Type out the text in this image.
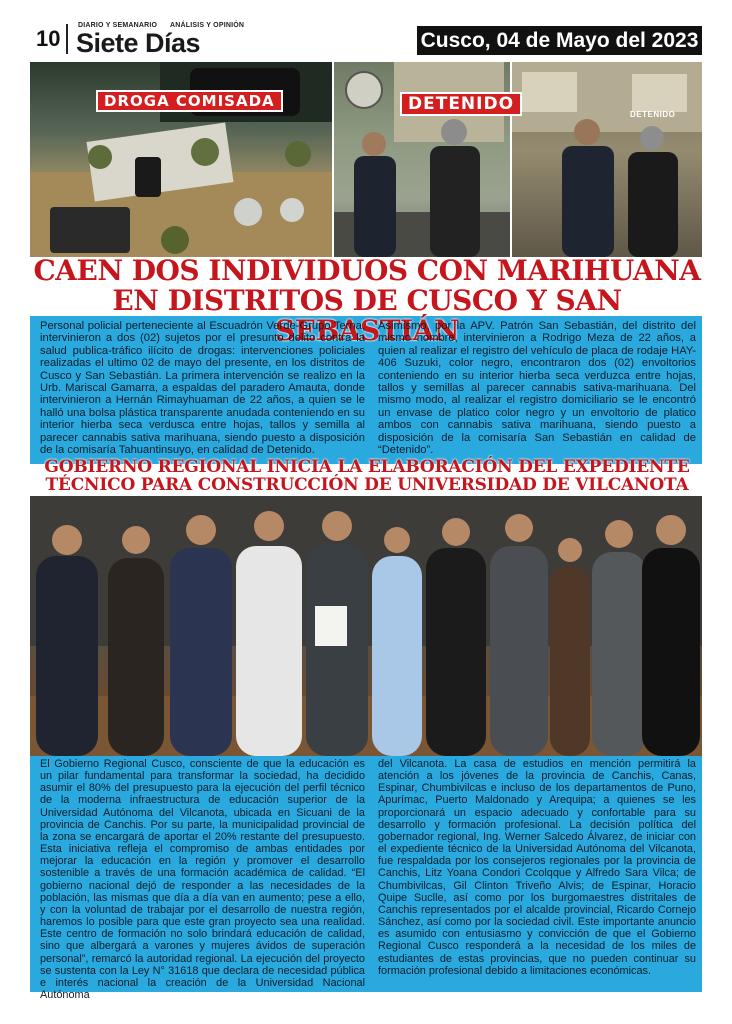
10
DIARIO Y SEMANARIO ANÁLISIS Y OPINIÓN
Siete Días	Cusco, 04 de Mayo del 2023
DROGA COMISADA	DETENIDO
DETENIDO
CAEN DOS INDIVIDUOS CON MARIHUANA
EN DISTRITOS DE CUSCO Y SAN SEBASTIÁN
Personal policial perteneciente al Escuadrón Verde-Grupo Terna, intervinieron a dos (02) sujetos por el presunto delito contra la salud publica-tráfico ilícito de drogas: intervenciones policiales realizadas el ultimo 02 de mayo del presente, en los distritos de Cusco y San Sebastián. La primera intervención se realizo en la Urb. Mariscal Gamarra, a espaldas del paradero Amauta, donde intervinieron a Hernán Rimayhuaman de 22 años, a quien se le halló una bolsa plástica transparente anudada conteniendo en su interior hierba seca verdusca entre hojas, tallos y semilla al parecer cannabis sativa marihuana, siendo puesto a disposición de la comisaría Tahuantinsuyo, en calidad de Detenido.
Asimismo, por la APV. Patrón San Sebastián, del distrito del mismo nombre, intervinieron a Rodrigo Meza de 22 años, a quien al realizar el registro del vehículo de placa de rodaje HAY-406 Suzuki, color negro, encontraron dos (02) envoltorios conteniendo en su interior hierba seca verduzca entre hojas, tallos y semillas al parecer cannabis sativa-marihuana. Del mismo modo, al realizar el registro domiciliario se le encontró un envase de platico color negro y un envoltorio de platico ambos con cannabis sativa marihuana, siendo puesto a disposición de la comisaría San Sebastián en calidad de “Detenido”.
GOBIERNO REGIONAL INICIA LA ELABORACIÓN DEL EXPEDIENTE
TÉCNICO PARA CONSTRUCCIÓN DE UNIVERSIDAD DE VILCANOTA
El Gobierno Regional Cusco, consciente de que la educación es un pilar fundamental para transformar la sociedad, ha decidido asumir el 80% del presupuesto para la ejecución del perfil técnico de la moderna infraestructura de educación superior de la Universidad Autónoma del Vilcanota, ubicada en Sicuani de la provincia de Canchis. Por su parte, la municipalidad provincial de la zona se encargará de aportar el 20% restante del presupuesto. Esta iniciativa refleja el compromiso de ambas entidades por mejorar la educación en la región y promover el desarrollo sostenible a través de una formación académica de calidad. “El gobierno nacional dejó de responder a las necesidades de la población, las mismas que día a día van en aumento; pese a ello, y con la voluntad de trabajar por el desarrollo de nuestra región, haremos lo posible para que este gran proyecto sea una realidad. Este centro de formación no solo brindará educación de calidad, sino que albergará a varones y mujeres ávidos de superación personal”, remarcó la autoridad regional. La ejecución del proyecto se sustenta con la Ley N° 31618 que declara de necesidad pública e interés nacional la creación de la Universidad Nacional Autónoma
del Vilcanota. La casa de estudios en mención permitirá la atención a los jóvenes de la provincia de Canchis, Canas, Espinar, Chumbivilcas e incluso de los departamentos de Puno, Apurímac, Puerto Maldonado y Arequipa; a quienes se les proporcionará un espacio adecuado y confortable para su desarrollo y formación profesional. La decisión política del gobernador regional, Ing. Werner Salcedo Álvarez, de iniciar con el expediente técnico de la Universidad Autónoma del Vilcanota, fue respaldada por los consejeros regionales por la provincia de Canchis, Litz Yoana Condori Ccolqque y Alfredo Sara Vilca; de Chumbivilcas, Gil Clinton Triveño Alvis; de Espinar, Horacio Quipe Suclle, así como por los burgomaestres distritales de Canchis representados por el alcalde provincial, Ricardo Cornejo Sánchez, así como por la sociedad civil. Este importante anuncio es asumido con entusiasmo y convicción de que el Gobierno Regional Cusco responderá a la necesidad de los miles de estudiantes de estas provincias, que no pueden continuar su formación profesional debido a limitaciones económicas.
